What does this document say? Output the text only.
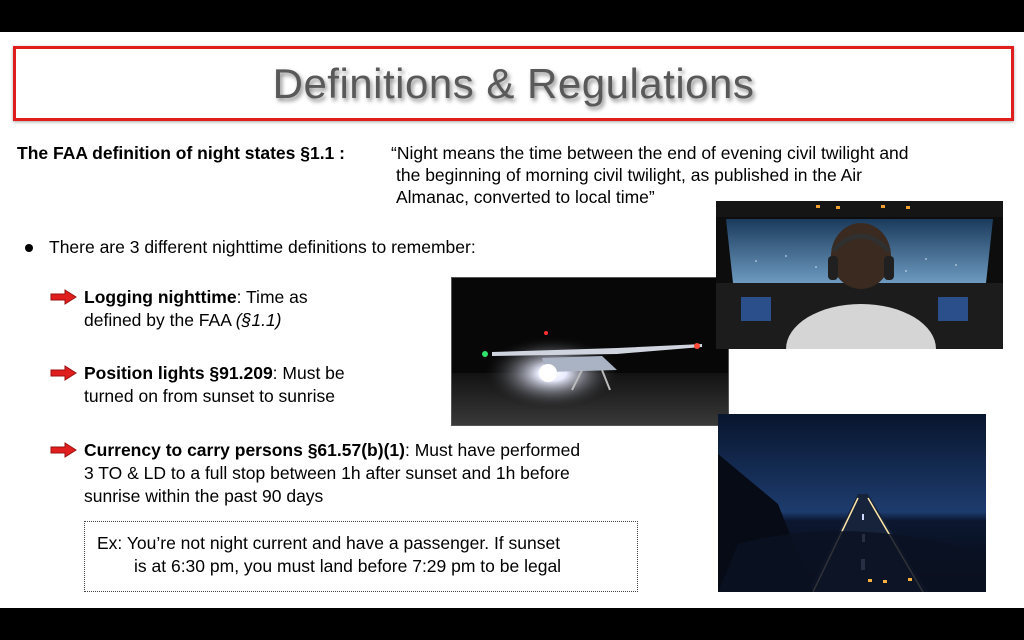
Definitions & Regulations
The FAA definition of night states §1.1 :	“Night means the time between the end of evening civil twilight and
the beginning of morning civil twilight, as published in the Air
Almanac, converted to local time”
There are 3 different nighttime definitions to remember:
Logging nighttime: Time as
defined by the FAA (§1.1)
Position lights §91.209: Must be
turned on from sunset to sunrise
Currency to carry persons §61.57(b)(1): Must have performed
3 TO & LD to a full stop between 1h after sunset and 1h before
sunrise within the past 90 days
Ex: You’re not night current and have a passenger. If sunset
is at 6:30 pm, you must land before 7:29 pm to be legal
